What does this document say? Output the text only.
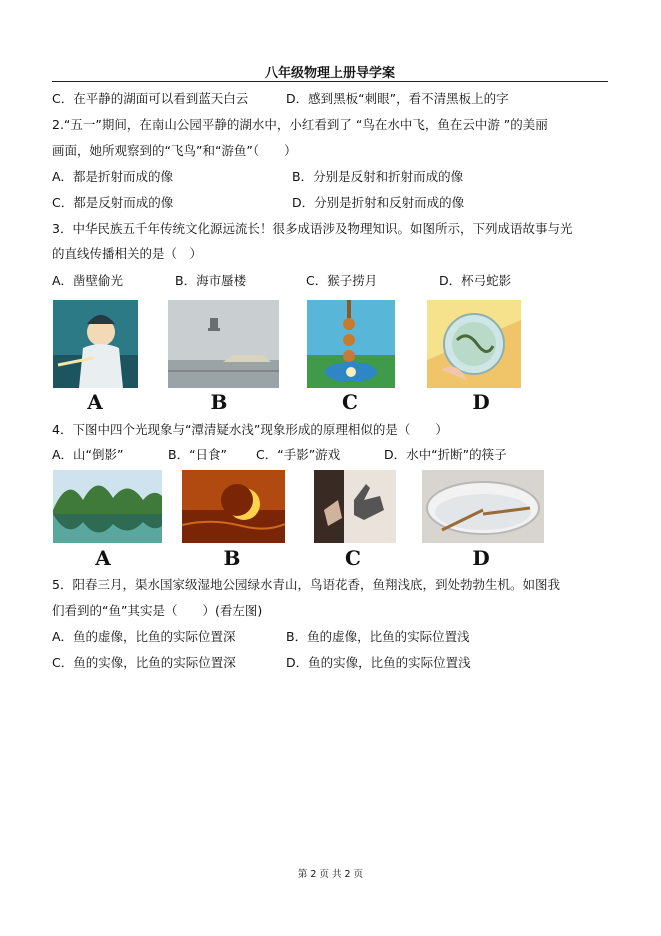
八年级物理上册导学案
C．在平静的湖面可以看到蓝天白云	D．感到黑板“刺眼”，看不清黑板上的字
2.“五一”期间，在南山公园平静的湖水中，小红看到了 “鸟在水中飞，鱼在云中游 ”的美丽
画面，她所观察到的“飞鸟”和“游鱼”（　　）
A．都是折射而成的像	B．分别是反射和折射而成的像
C．都是反射而成的像	D．分别是折射和反射而成的像
3．中华民族五千年传统文化源远流长！很多成语涉及物理知识。如图所示，下列成语故事与光
的直线传播相关的是（　）
A．凿壁偷光	B．海市蜃楼	C．猴子捞月	D．杯弓蛇影
A	B	C	D
4．下图中四个光现象与“潭清疑水浅”现象形成的原理相似的是（　　）
A．山“倒影”	B．“日食” C．“手影”游戏	D．水中“折断”的筷子
A	B	C	D
5．阳春三月，渠水国家级湿地公园绿水青山，鸟语花香，鱼翔浅底，到处勃勃生机。如图我
们看到的“鱼”其实是（　　）(看左图)
A．鱼的虚像，比鱼的实际位置深	B．鱼的虚像，比鱼的实际位置浅
C．鱼的实像，比鱼的实际位置深	D．鱼的实像，比鱼的实际位置浅
第 2 页 共 2 页
